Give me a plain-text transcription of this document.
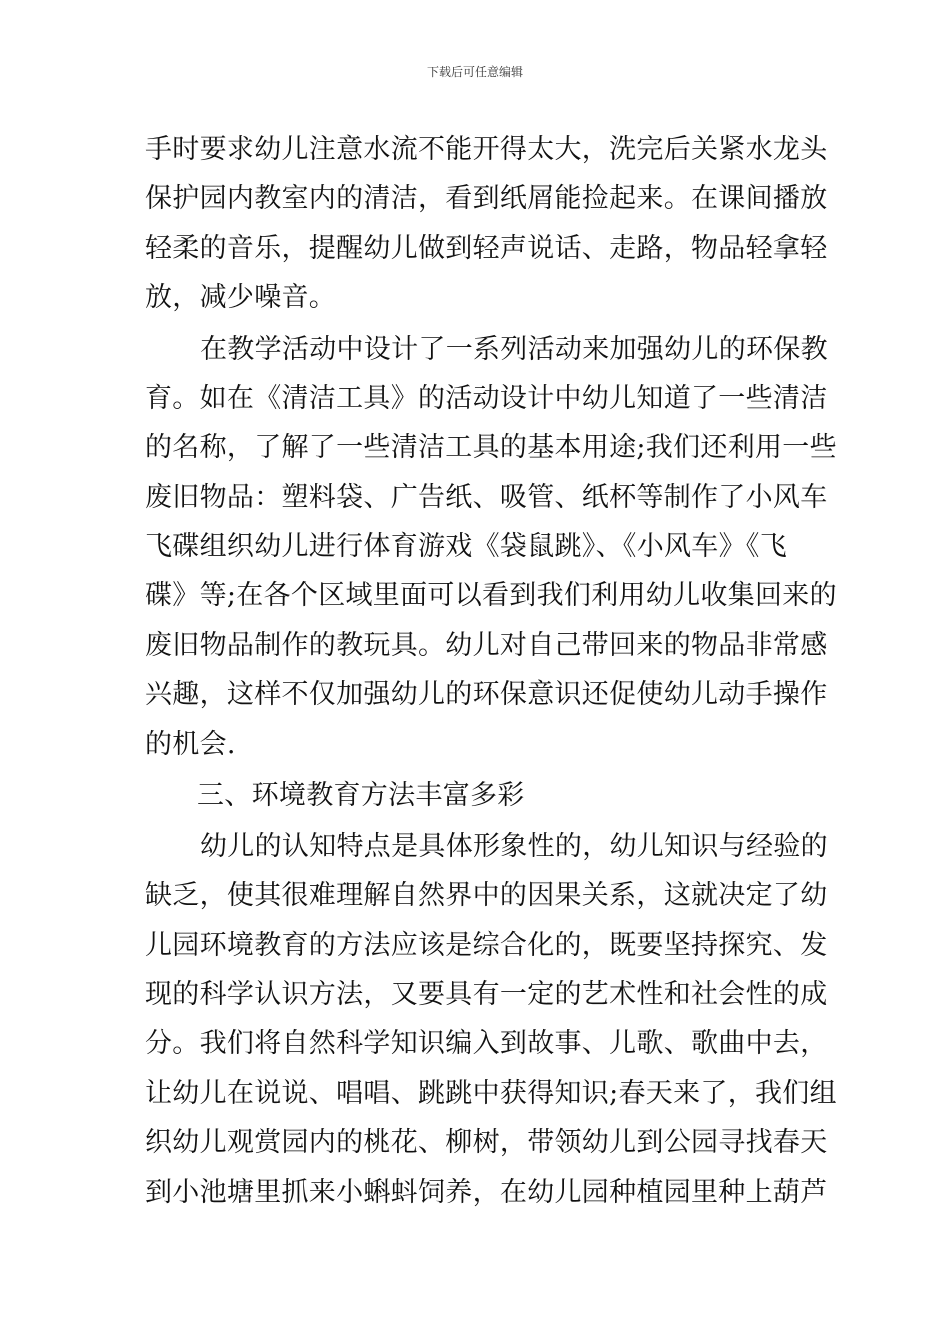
下载后可任意编辑
手时要求幼儿注意水流不能开得太大，洗完后关紧水龙头
保护园内教室内的清洁，看到纸屑能捡起来。在课间播放
轻柔的音乐，提醒幼儿做到轻声说话、走路，物品轻拿轻
放，减少噪音。
在教学活动中设计了一系列活动来加强幼儿的环保教
育。如在《清洁工具》的活动设计中幼儿知道了一些清洁
的名称，了解了一些清洁工具的基本用途;我们还利用一些
废旧物品：塑料袋、广告纸、吸管、纸杯等制作了小风车
飞碟组织幼儿进行体育游戏《袋鼠跳》、《小风车》《飞
碟》等;在各个区域里面可以看到我们利用幼儿收集回来的
废旧物品制作的教玩具。幼儿对自己带回来的物品非常感
兴趣，这样不仅加强幼儿的环保意识还促使幼儿动手操作
的机会.
三、环境教育方法丰富多彩
幼儿的认知特点是具体形象性的，幼儿知识与经验的
缺乏，使其很难理解自然界中的因果关系，这就决定了幼
儿园环境教育的方法应该是综合化的，既要坚持探究、发
现的科学认识方法，又要具有一定的艺术性和社会性的成
分。我们将自然科学知识编入到故事、儿歌、歌曲中去，
让幼儿在说说、唱唱、跳跳中获得知识;春天来了，我们组
织幼儿观赏园内的桃花、柳树，带领幼儿到公园寻找春天
到小池塘里抓来小蝌蚪饲养，在幼儿园种植园里种上葫芦
